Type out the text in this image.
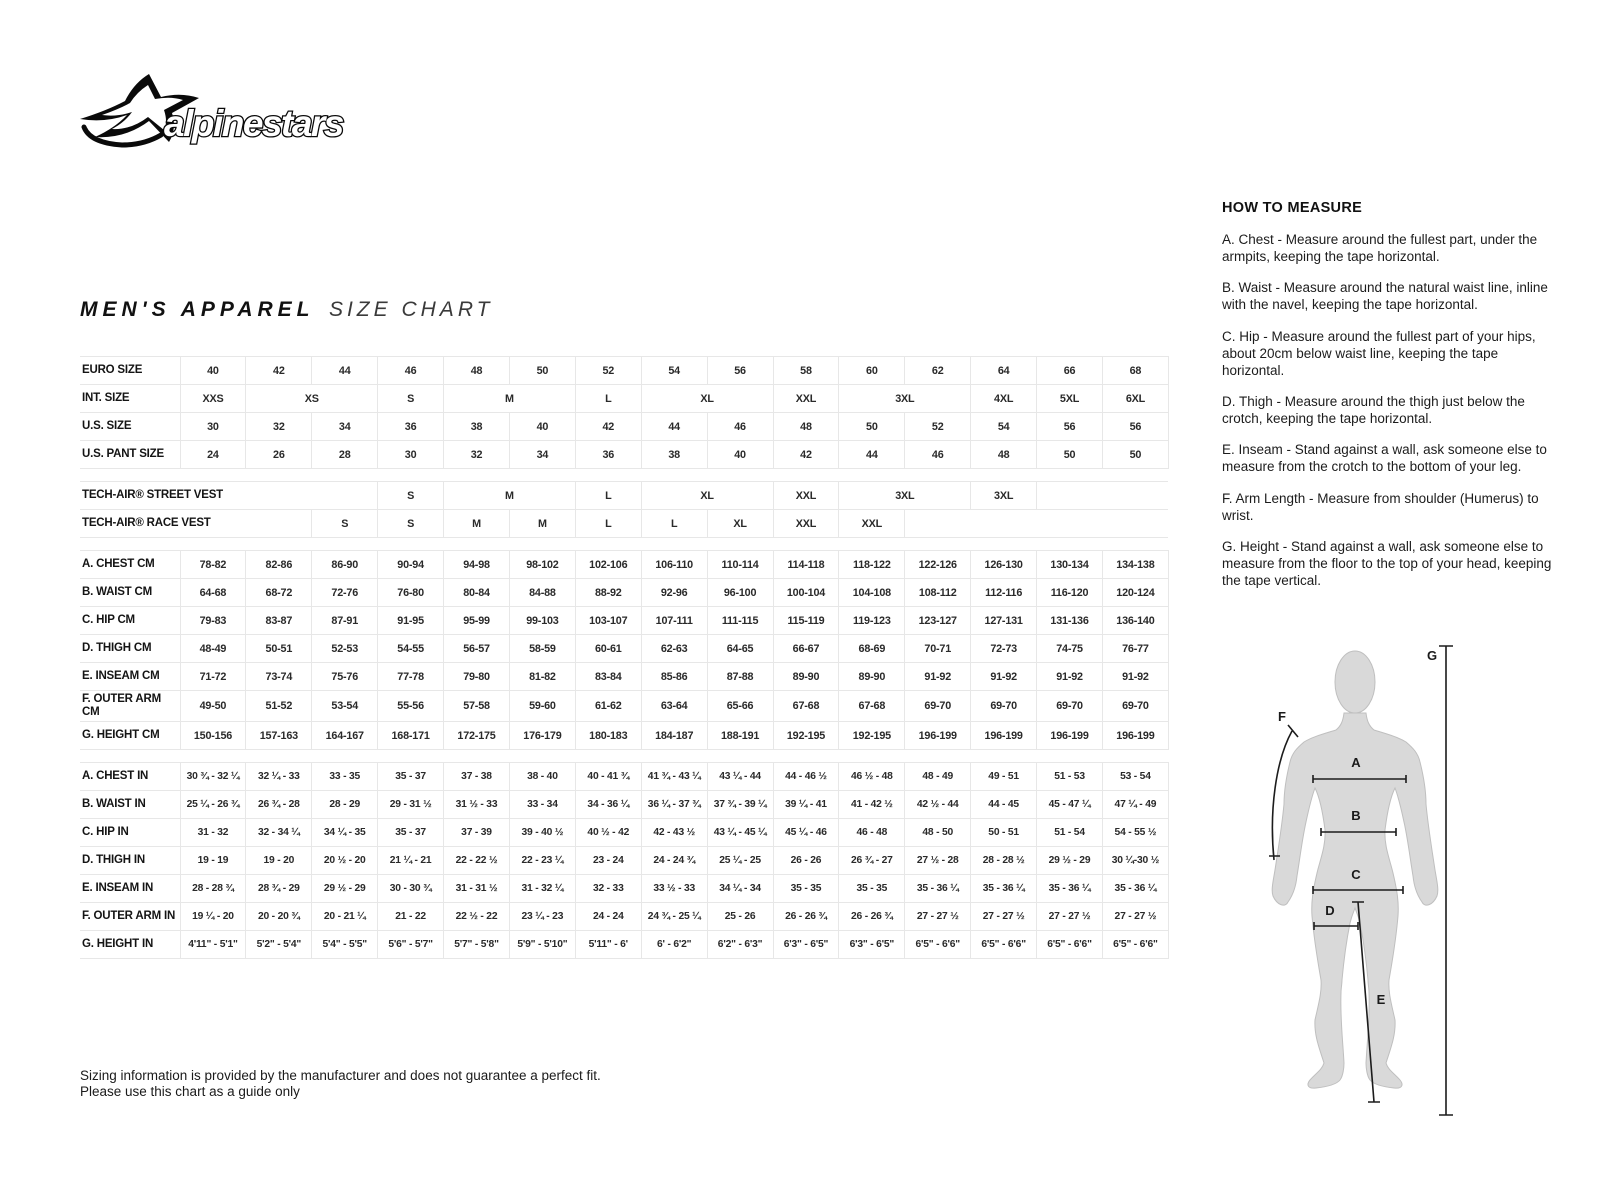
alpinestars
MEN'S APPAREL SIZE CHART
EURO SIZE	40	42	44	46	48	50	52	54	56	58	60	62	64	66	68
INT. SIZE	XXS	XS		S	M		L	XL		XXL	3XL		4XL	5XL	6XL
U.S. SIZE	30	32	34	36	38	40	42	44	46	48	50	52	54	56	56
U.S. PANT SIZE	24	26	28	30	32	34	36	38	40	42	44	46	48	50	50

TECH-AIR® STREET VEST				S	M		L	XL		XXL	3XL		3XL		
TECH-AIR® RACE VEST			S	S	M	M	L	L	XL	XXL	XXL				

A. CHEST CM	78-82	82-86	86-90	90-94	94-98	98-102	102-106	106-110	110-114	114-118	118-122	122-126	126-130	130-134	134-138
B. WAIST CM	64-68	68-72	72-76	76-80	80-84	84-88	88-92	92-96	96-100	100-104	104-108	108-112	112-116	116-120	120-124
C. HIP CM	79-83	83-87	87-91	91-95	95-99	99-103	103-107	107-111	111-115	115-119	119-123	123-127	127-131	131-136	136-140
D. THIGH CM	48-49	50-51	52-53	54-55	56-57	58-59	60-61	62-63	64-65	66-67	68-69	70-71	72-73	74-75	76-77
E. INSEAM CM	71-72	73-74	75-76	77-78	79-80	81-82	83-84	85-86	87-88	89-90	89-90	91-92	91-92	91-92	91-92
F. OUTER ARM CM	49-50	51-52	53-54	55-56	57-58	59-60	61-62	63-64	65-66	67-68	67-68	69-70	69-70	69-70	69-70
G. HEIGHT CM	150-156	157-163	164-167	168-171	172-175	176-179	180-183	184-187	188-191	192-195	192-195	196-199	196-199	196-199	196-199

A. CHEST IN	30 ¾ - 32 ¼	32 ¼ - 33	33 - 35	35 - 37	37 - 38	38 - 40	40 - 41 ¾	41 ¾ - 43 ¼	43 ¼ - 44	44 - 46 ½	46 ½ - 48	48 - 49	49 - 51	51 - 53	53 - 54
B. WAIST IN	25 ¼ - 26 ¾	26 ¾ - 28	28 - 29	29 - 31 ½	31 ½ - 33	33 - 34	34 - 36 ¼	36 ¼ - 37 ¾	37 ¾ - 39 ¼	39 ¼ - 41	41 - 42 ½	42 ½ - 44	44 - 45	45 - 47 ¼	47 ¼ - 49
C. HIP IN	31 - 32	32 - 34 ¼	34 ¼ - 35	35 - 37	37 - 39	39 - 40 ½	40 ½ - 42	42 - 43 ½	43 ¼ - 45 ¼	45 ¼ - 46	46 - 48	48 - 50	50 - 51	51 - 54	54 - 55 ½
D. THIGH IN	19 - 19	19 - 20	20 ½ - 20	21 ¼ - 21	22 - 22 ½	22 - 23 ¼	23 - 24	24 - 24 ¾	25 ¼ - 25	26 - 26	26 ¾ - 27	27 ½ - 28	28 - 28 ½	29 ½ - 29	30 ¼-30 ½
E. INSEAM IN	28 - 28 ¾	28 ¾ - 29	29 ½ - 29	30 - 30 ¾	31 - 31 ½	31 - 32 ¼	32 - 33	33 ½ - 33	34 ¼ - 34	35 - 35	35 - 35	35 - 36 ¼	35 - 36 ¼	35 - 36 ¼	35 - 36 ¼
F. OUTER ARM IN	19 ¼ - 20	20 - 20 ¾	20 - 21 ¼	21 - 22	22 ½ - 22	23 ¼ - 23	24 - 24	24 ¾ - 25 ¼	25 - 26	26 - 26 ¾	26 - 26 ¾	27 - 27 ½	27 - 27 ½	27 - 27 ½	27 - 27 ½
G. HEIGHT IN	4'11" - 5'1"	5'2" - 5'4"	5'4" - 5'5"	5'6" - 5'7"	5'7" - 5'8"	5'9" - 5'10"	5'11" - 6'	6' - 6'2"	6'2" - 6'3"	6'3" - 6'5"	6'3" - 6'5"	6'5" - 6'6"	6'5" - 6'6"	6'5" - 6'6"	6'5" - 6'6"
HOW TO MEASURE

A. Chest - Measure around the fullest part, under the armpits, keeping the tape horizontal.

B. Waist - Measure around the natural waist line, inline with the navel, keeping the tape horizontal.

C. Hip - Measure around the fullest part of your hips, about 20cm below waist line, keeping the tape horizontal.

D. Thigh - Measure around the thigh just below the crotch, keeping the tape horizontal.

E. Inseam - Stand against a wall, ask someone else to measure from the crotch to the bottom of your leg.

F. Arm Length - Measure from shoulder (Humerus) to wrist.

G. Height - Stand against a wall, ask someone else to measure from the floor to the top of your head, keeping the tape vertical.

A
B
C
D
E
F
G
Sizing information is provided by the manufacturer and does not guarantee a perfect fit.
Please use this chart as a guide only
